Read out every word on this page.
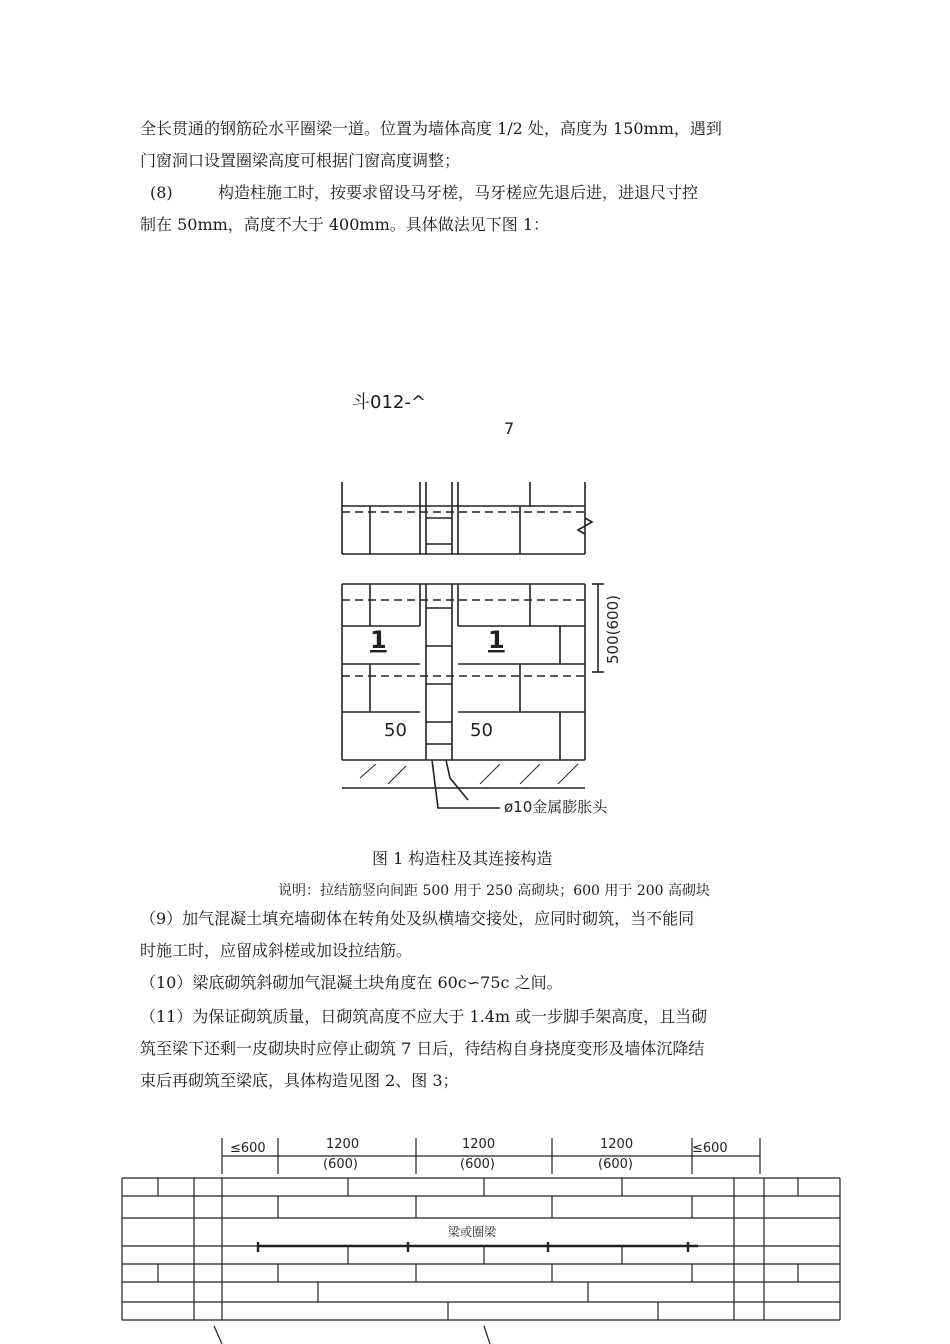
全长贯通的钢筋砼水平圈梁一道。位置为墙体高度 1/2 处，高度为 150mm，遇到
门窗洞口设置圈梁高度可根据门窗高度调整；
(8)	构造柱施工时，按要求留设马牙槎，马牙槎应先退后进，进退尺寸控
制在 50mm，高度不大于 400mm。具体做法见下图 1：
斗012-^
7
1	1
50	50
500(600)
ø10金属膨胀头
图 1 构造柱及其连接构造
说明：拉结筋竖向间距 500 用于 250 高砌块；600 用于 200 高砌块
（9）加气混凝土填充墙砌体在转角处及纵横墙交接处，应同时砌筑，当不能同
时施工时，应留成斜槎或加设拉结筋。
（10）梁底砌筑斜砌加气混凝土块角度在 60c∽75c 之间。
（11）为保证砌筑质量，日砌筑高度不应大于 1.4m 或一步脚手架高度，且当砌
筑至梁下还剩一皮砌块时应停止砌筑 7 日后，待结构自身挠度变形及墙体沉降结
束后再砌筑至梁底，具体构造见图 2、图 3；
≤600	1200
(600)
1200
(600)
1200
(600)
≤600
梁或圈梁
